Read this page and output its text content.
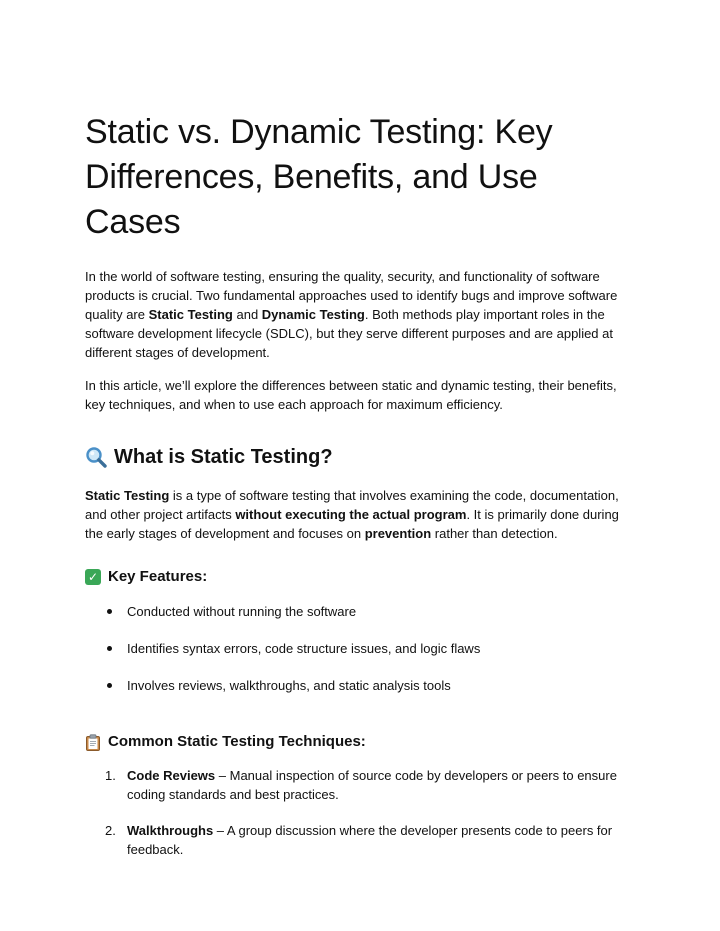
Static vs. Dynamic Testing: Key Differences, Benefits, and Use Cases

In the world of software testing, ensuring the quality, security, and functionality of software products is crucial. Two fundamental approaches used to identify bugs and improve software quality are Static Testing and Dynamic Testing. Both methods play important roles in the software development lifecycle (SDLC), but they serve different purposes and are applied at different stages of development.

In this article, we’ll explore the differences between static and dynamic testing, their benefits, key techniques, and when to use each approach for maximum efficiency.

What is Static Testing?

Static Testing is a type of software testing that involves examining the code, documentation, and other project artifacts without executing the actual program. It is primarily done during the early stages of development and focuses on prevention rather than detection.

✓ Key Features:
Conducted without running the software
Identifies syntax errors, code structure issues, and logic flaws
Involves reviews, walkthroughs, and static analysis tools
Common Static Testing Techniques:
1. Code Reviews – Manual inspection of source code by developers or peers to ensure coding standards and best practices.
2. Walkthroughs – A group discussion where the developer presents code to peers for feedback.
